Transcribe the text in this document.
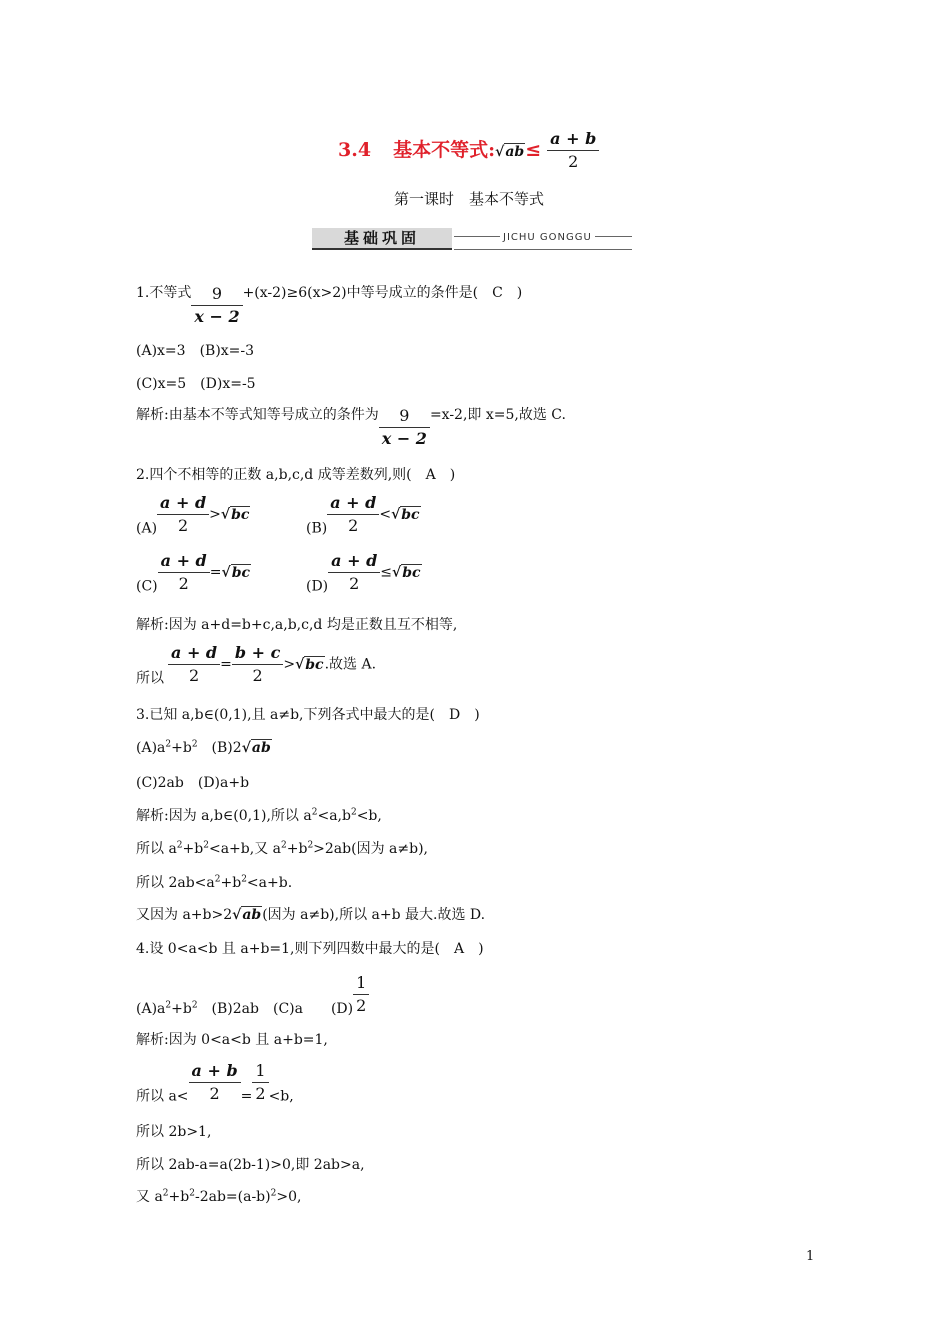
3.4 基本不等式:√ab≤ $\frac{a + b}{2}$
第一课时　基本不等式
基础巩固	JICHU GONGGU
1.不等式 $\frac{9}{x - 2} +(x-2)\ge 6(x>2)$中等号成立的条件是(　C　)
(A)x=3　(B)x=-3
(C)x=5　(D)x=-5
解析:由基本不等式知等号成立的条件为 $\frac{9}{x - 2} =x-2$,即 x=5,故选 C.
2.四个不相等的正数 a,b,c,d 成等差数列,则(　A　)
$(A) \frac{a + d}{2} >√bc$
$(B) \frac{a + d}{2} <√bc$
$(C) \frac{a + d}{2} =√bc$
$(D) \frac{a + d}{2} \le√bc$
解析:因为 a+d=b+c,a,b,c,d 均是正数且互不相等,
所以 $\frac{a + d}{2} = \frac{b + c}{2} >√bc$.故选 A.
3.已知 a,b∈(0,1),且 a≠b,下列各式中最大的是(　D　)
$(A)a^2+b^2$　(B)2√ab
(C)2ab　(D)a+b
解析:因为 a,b∈(0,1),所以 $a^2<a,b^2<b$,
所以 $a^2+b^2<a+b$,又 $a^2+b^2>2ab$(因为 a≠b),
所以 $2ab<a^2+b^2<a+b$.
又因为 a+b>2√ab(因为 a≠b),所以 a+b 最大.故选 D.
4.设 0<a<b 且 a+b=1,则下列四数中最大的是(　A　)
$(A)a^2+b^2$　(B)2ab　(C)a　　$(D) \frac{1}{2}$
解析:因为 0<a<b 且 a+b=1,
所以 $a< \frac{a + b}{2} = \frac{1}{2} <b$,
所以 2b>1,
所以 2ab-a=a(2b-1)>0,即 2ab>a,
又 $a^2+b^2-2ab=(a-b)^2>0$,
1
